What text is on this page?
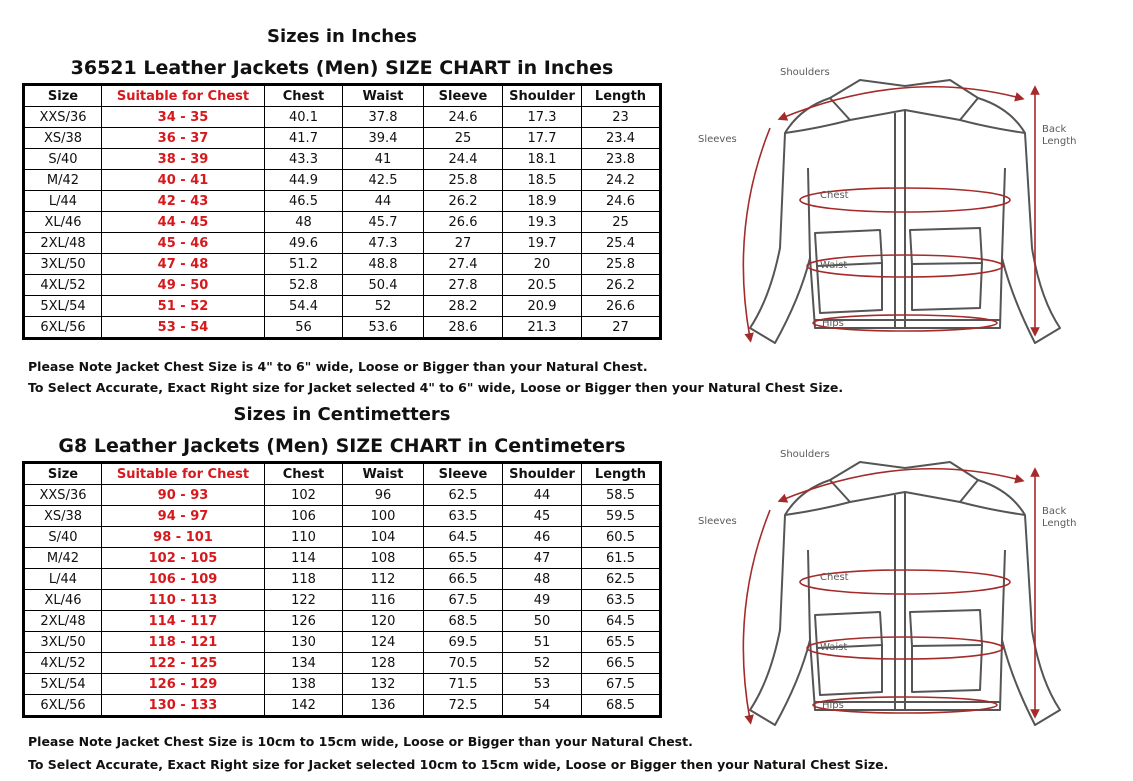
Sizes in Inches
36521 Leather Jackets (Men) SIZE CHART in Inches
Size	Suitable for Chest	Chest	Waist	Sleeve	Shoulder	Length
XXS/36	34 - 35	40.1	37.8	24.6	17.3	23
XS/38	36 - 37	41.7	39.4	25	17.7	23.4
S/40	38 - 39	43.3	41	24.4	18.1	23.8
M/42	40 - 41	44.9	42.5	25.8	18.5	24.2
L/44	42 - 43	46.5	44	26.2	18.9	24.6
XL/46	44 - 45	48	45.7	26.6	19.3	25
2XL/48	45 - 46	49.6	47.3	27	19.7	25.4
3XL/50	47 - 48	51.2	48.8	27.4	20	25.8
4XL/52	49 - 50	52.8	50.4	27.8	20.5	26.2
5XL/54	51 - 52	54.4	52	28.2	20.9	26.6
6XL/56	53 - 54	56	53.6	28.6	21.3	27
Please Note Jacket Chest Size is 4" to 6" wide, Loose or Bigger than your Natural Chest.
To Select Accurate, Exact Right size for Jacket selected 4" to 6" wide, Loose or Bigger then your Natural Chest Size.
Sizes in Centimetters
G8 Leather Jackets (Men) SIZE CHART in Centimeters
Size	Suitable for Chest	Chest	Waist	Sleeve	Shoulder	Length
XXS/36	90 - 93	102	96	62.5	44	58.5
XS/38	94 - 97	106	100	63.5	45	59.5
S/40	98 - 101	110	104	64.5	46	60.5
M/42	102 - 105	114	108	65.5	47	61.5
L/44	106 - 109	118	112	66.5	48	62.5
XL/46	110 - 113	122	116	67.5	49	63.5
2XL/48	114 - 117	126	120	68.5	50	64.5
3XL/50	118 - 121	130	124	69.5	51	65.5
4XL/52	122 - 125	134	128	70.5	52	66.5
5XL/54	126 - 129	138	132	71.5	53	67.5
6XL/56	130 - 133	142	136	72.5	54	68.5
Please Note Jacket Chest Size is 10cm to 15cm wide, Loose or Bigger than your Natural Chest.
To Select Accurate, Exact Right size for Jacket selected 10cm to 15cm wide, Loose or Bigger then your Natural Chest Size.
Shoulders
Sleeves
Back
Length
Chest
Waist
Hips
Shoulders
Sleeves
Back
Length
Chest
Waist
Hips
